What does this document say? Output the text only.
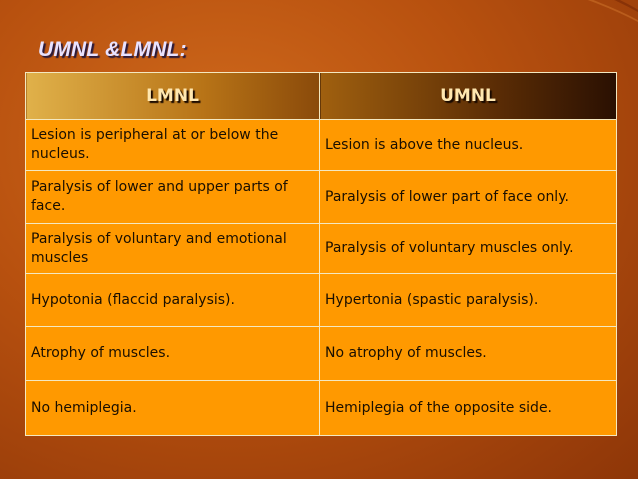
UMNL &LMNL:
LMNL	UMNL
Lesion is peripheral at or below the nucleus.	Lesion is above the nucleus.
Paralysis of lower and upper parts of face.	Paralysis of lower part of face only.
Paralysis of voluntary and emotional muscles	Paralysis of voluntary muscles only.
Hypotonia (flaccid paralysis).	Hypertonia (spastic paralysis).
Atrophy of muscles.	No atrophy of muscles.
No hemiplegia.	Hemiplegia of the opposite side.
